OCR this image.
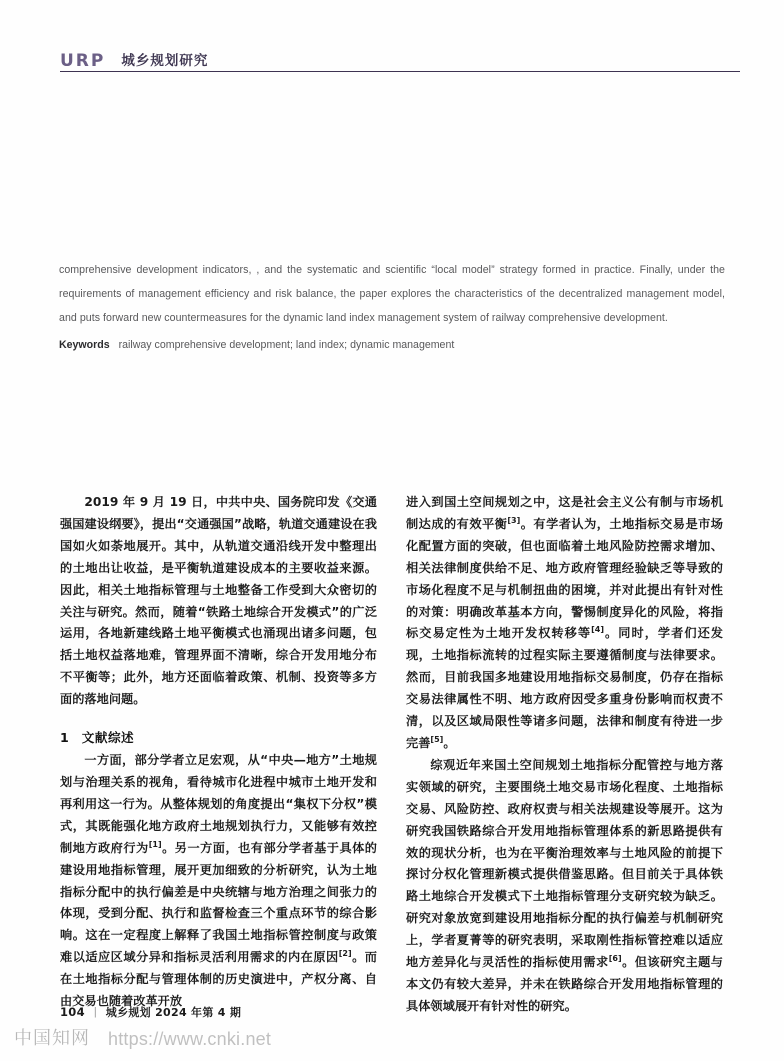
URP 城乡规划研究

comprehensive development indicators, , and the systematic and scientific “local model” strategy formed in practice. Finally, under the requirements of management efficiency and risk balance, the paper explores the characteristics of the decentralized management model, and puts forward new countermeasures for the dynamic land index management system of railway comprehensive development.

Keywords railway comprehensive development; land index; dynamic management

2019 年 9 月 19 日，中共中央、国务院印发《交通强国建设纲要》，提出“交通强国”战略，轨道交通建设在我国如火如荼地展开。其中，从轨道交通沿线开发中整理出的土地出让收益，是平衡轨道建设成本的主要收益来源。因此，相关土地指标管理与土地整备工作受到大众密切的关注与研究。然而，随着“铁路土地综合开发模式”的广泛运用，各地新建线路土地平衡模式也涌现出诸多问题，包括土地权益落地难，管理界面不清晰，综合开发用地分布不平衡等；此外，地方还面临着政策、机制、投资等多方面的落地问题。

1 文献综述

一方面，部分学者立足宏观，从“中央—地方”土地规划与治理关系的视角，看待城市化进程中城市土地开发和再利用这一行为。从整体规划的角度提出“集权下分权”模式，其既能强化地方政府土地规划执行力，又能够有效控制地方政府行为[1]。另一方面，也有部分学者基于具体的建设用地指标管理，展开更加细致的分析研究，认为土地指标分配中的执行偏差是中央统辖与地方治理之间张力的体现，受到分配、执行和监督检查三个重点环节的综合影响。这在一定程度上解释了我国土地指标管控制度与政策难以适应区域分异和指标灵活利用需求的内在原因[2]。而在土地指标分配与管理体制的历史演进中，产权分离、自由交易也随着改革开放

进入到国土空间规划之中，这是社会主义公有制与市场机制达成的有效平衡[3]。有学者认为，土地指标交易是市场化配置方面的突破，但也面临着土地风险防控需求增加、相关法律制度供给不足、地方政府管理经验缺乏等导致的市场化程度不足与机制扭曲的困境，并对此提出有针对性的对策：明确改革基本方向，警惕制度异化的风险，将指标交易定性为土地开发权转移等[4]。同时，学者们还发现，土地指标流转的过程实际主要遵循制度与法律要求。然而，目前我国多地建设用地指标交易制度，仍存在指标交易法律属性不明、地方政府因受多重身份影响而权责不清，以及区域局限性等诸多问题，法律和制度有待进一步完善[5]。

综观近年来国土空间规划土地指标分配管控与地方落实领域的研究，主要围绕土地交易市场化程度、土地指标交易、风险防控、政府权责与相关法规建设等展开。这为研究我国铁路综合开发用地指标管理体系的新思路提供有效的现状分析，也为在平衡治理效率与土地风险的前提下探讨分权化管理新模式提供借鉴思路。但目前关于具体铁路土地综合开发模式下土地指标管理分支研究较为缺乏。研究对象放宽到建设用地指标分配的执行偏差与机制研究上，学者夏菁等的研究表明，采取刚性指标管控难以适应地方差异化与灵活性的指标使用需求[6]。但该研究主题与本文仍有较大差异，并未在铁路综合开发用地指标管理的具体领域展开有针对性的研究。

104 | 城乡规划 2024 年第 4 期
中国知网 https://www.cnki.net
